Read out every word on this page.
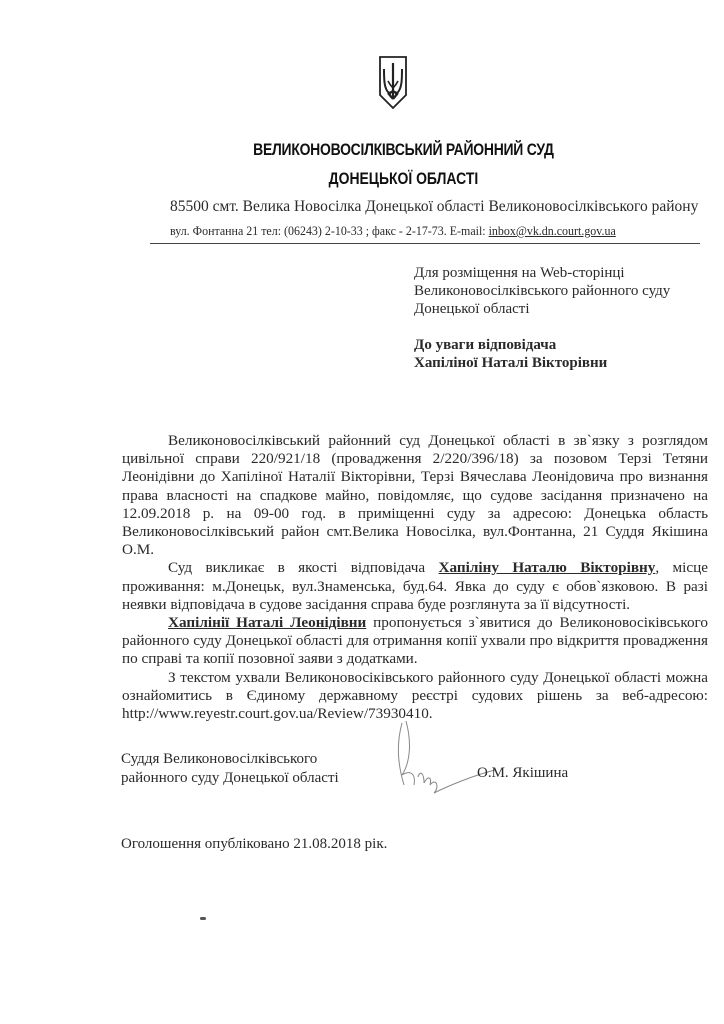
ВЕЛИКОНОВОСІЛКІВСЬКИЙ РАЙОННИЙ СУД
ДОНЕЦЬКОЇ ОБЛАСТІ
85500 смт. Велика Новосілка Донецької області Великоновосілківського району
вул. Фонтанна 21 тел: (06243) 2-10-33 ; факс - 2-17-73. E-mail: inbox@vk.dn.court.gov.ua
Для розміщення на Web-сторінці
Великоновосілківського районного суду
Донецької області
До уваги відповідача
Хапіліної Наталі Вікторівни

Великоновосілківський районний суд Донецької області в зв`язку з розглядом цивільної справи 220/921/18 (провадження 2/220/396/18) за позовом Терзі Тетяни Леонідівни до Хапіліної Наталії Вікторівни, Терзі Вячеслава Леонідовича про визнання права власності на спадкове майно, повідомляє, що судове засідання призначено на 12.09.2018 р. на 09-00 год. в приміщенні суду за адресою: Донецька область Великоновосілківський район смт.Велика Новосілка, вул.Фонтанна, 21 Суддя Якішина О.М.

Суд викликає в якості відповідача Хапіліну Наталю Вікторівну, місце проживання: м.Донецьк, вул.Знаменська, буд.64. Явка до суду є обов`язковою. В разі неявки відповідача в судове засідання справа буде розглянута за її відсутності.

Хапілінії Наталі Леонідівни пропонується з`явитися до Великоновосіківського районного суду Донецької області для отримання копії ухвали про відкриття провадження по справі та копії позовної заяви з додатками.

З текстом ухвали Великоновосіківського районного суду Донецької області можна ознайомитись в Єдиному державному реєстрі судових рішень за веб-адресою: http://www.reyestr.court.gov.ua/Review/73930410.

Суддя Великоновосілківського
районного суду Донецької області	О.М. Якішина
Оголошення опубліковано 21.08.2018 рік.
